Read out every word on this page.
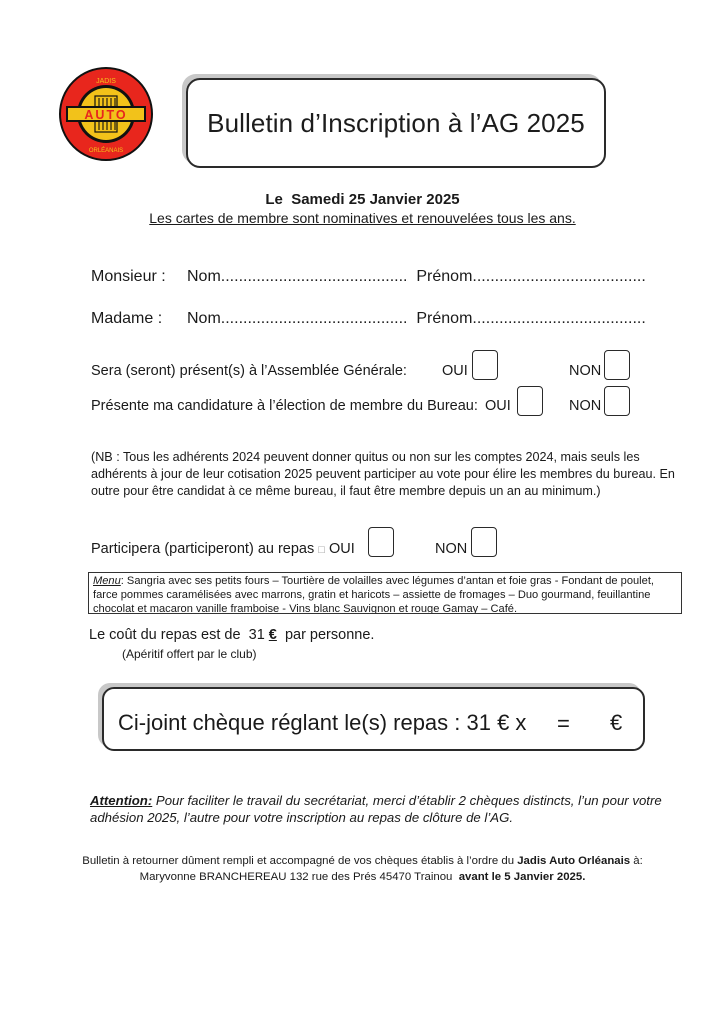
AUTO
JADIS
ORLÉANAIS
Bulletin d’Inscription à l’AG 2025
Le Samedi 25 Janvier 2025
Les cartes de membre sont nominatives et renouvelées tous les ans.
Monsieur : Nom.......................................... Prénom.......................................
Madame : Nom.......................................... Prénom.......................................
Sera (seront) présent(s) à l’Assemblée Générale: OUI	NON
Présente ma candidature à l’élection de membre du Bureau: OUI	NON
(NB : Tous les adhérents 2024 peuvent donner quitus ou non sur les comptes 2024, mais seuls les adhérents à jour de leur cotisation 2025 peuvent participer au vote pour élire les membres du bureau. En outre pour être candidat à ce même bureau, il faut être membre depuis un an au minimum.)
Participera (participeront) au repas □ OUI	NON
Menu: Sangria avec ses petits fours – Tourtière de volailles avec légumes d’antan et foie gras - Fondant de poulet, farce pommes caramélisées avec marrons, gratin et haricots – assiette de fromages – Duo gourmand, feuillantine chocolat et macaron vanille framboise - Vins blanc Sauvignon et rouge Gamay – Café.
Le coût du repas est de 31 € par personne.
(Apéritif offert par le club)
Ci-joint chèque réglant le(s) repas : 31 € x = €
Attention: Pour faciliter le travail du secrétariat, merci d’établir 2 chèques distincts, l’un pour votre adhésion 2025, l’autre pour votre inscription au repas de clôture de l’AG.
Bulletin à retourner dûment rempli et accompagné de vos chèques établis à l’ordre du Jadis Auto Orléanais à:
Maryvonne BRANCHEREAU 132 rue des Prés 45470 Trainou avant le 5 Janvier 2025.
